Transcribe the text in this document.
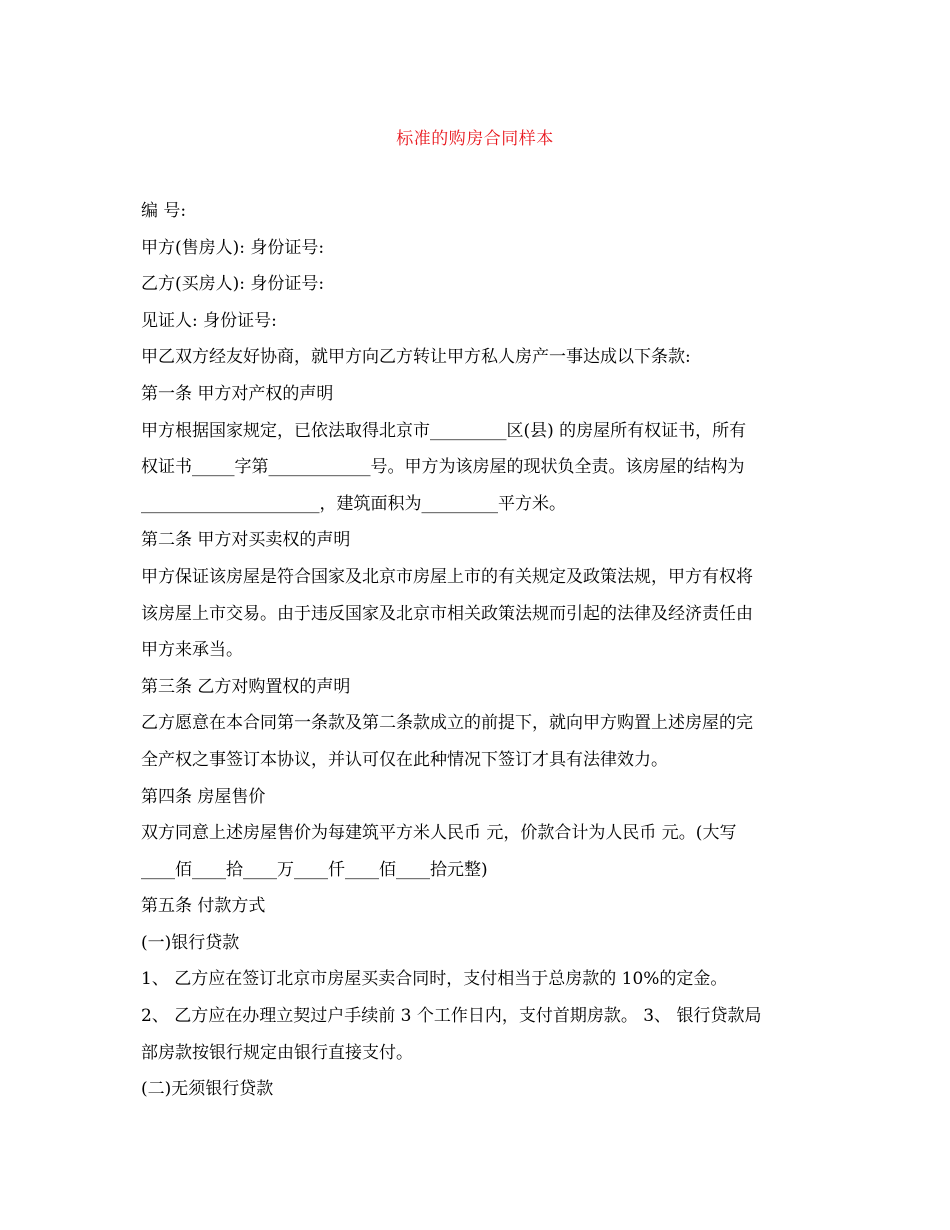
标准的购房合同样本
编 号:
甲方(售房人): 身份证号:
乙方(买房人): 身份证号:
见证人: 身份证号:
甲乙双方经友好协商，就甲方向乙方转让甲方私人房产一事达成以下条款:
第一条 甲方对产权的声明
甲方根据国家规定，已依法取得北京市_________区(县) 的房屋所有权证书，所有
权证书_____字第____________号。甲方为该房屋的现状负全责。该房屋的结构为
_____________________，建筑面积为_________平方米。
第二条 甲方对买卖权的声明
甲方保证该房屋是符合国家及北京市房屋上市的有关规定及政策法规，甲方有权将
该房屋上市交易。由于违反国家及北京市相关政策法规而引起的法律及经济责任由
甲方来承当。
第三条 乙方对购置权的声明
乙方愿意在本合同第一条款及第二条款成立的前提下，就向甲方购置上述房屋的完
全产权之事签订本协议，并认可仅在此种情况下签订才具有法律效力。
第四条 房屋售价
双方同意上述房屋售价为每建筑平方米人民币 元，价款合计为人民币 元。(大写
____佰____拾____万____仟____佰____拾元整)
第五条 付款方式
(一)银行贷款
1、 乙方应在签订北京市房屋买卖合同时，支付相当于总房款的 10%的定金。
2、 乙方应在办理立契过户手续前 3 个工作日内，支付首期房款。 3、 银行贷款局
部房款按银行规定由银行直接支付。
(二)无须银行贷款
